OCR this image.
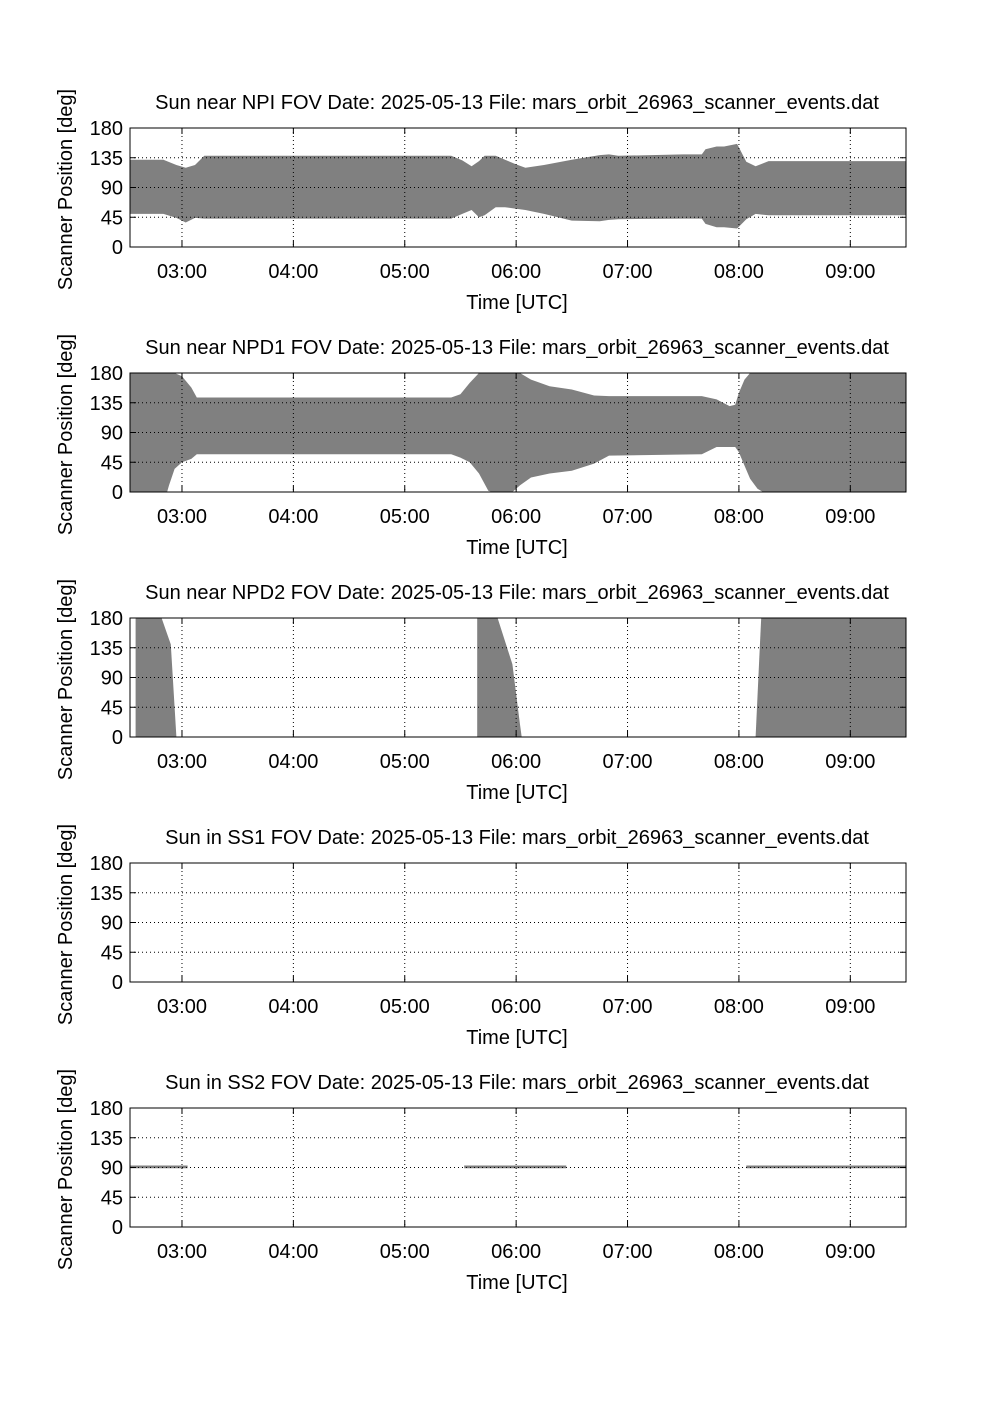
Sun near NPI FOV Date: 2025-05-13 File: mars_orbit_26963_scanner_events.dat
03:00	04:00	05:00	06:00	07:00	08:00	09:00
0
45
90
135
180
Time [UTC]
Scanner Position [deg]
Sun near NPD1 FOV Date: 2025-05-13 File: mars_orbit_26963_scanner_events.dat
03:00	04:00	05:00	06:00	07:00	08:00	09:00
0
45
90
135
180
Time [UTC]
Scanner Position [deg]
Sun near NPD2 FOV Date: 2025-05-13 File: mars_orbit_26963_scanner_events.dat
03:00	04:00	05:00	06:00	07:00	08:00	09:00
0
45
90
135
180
Time [UTC]
Scanner Position [deg]
Sun in SS1 FOV Date: 2025-05-13 File: mars_orbit_26963_scanner_events.dat
03:00	04:00	05:00	06:00	07:00	08:00	09:00
0
45
90
135
180
Time [UTC]
Scanner Position [deg]
Sun in SS2 FOV Date: 2025-05-13 File: mars_orbit_26963_scanner_events.dat
03:00	04:00	05:00	06:00	07:00	08:00	09:00
0
45
90
135
180
Time [UTC]
Scanner Position [deg]
